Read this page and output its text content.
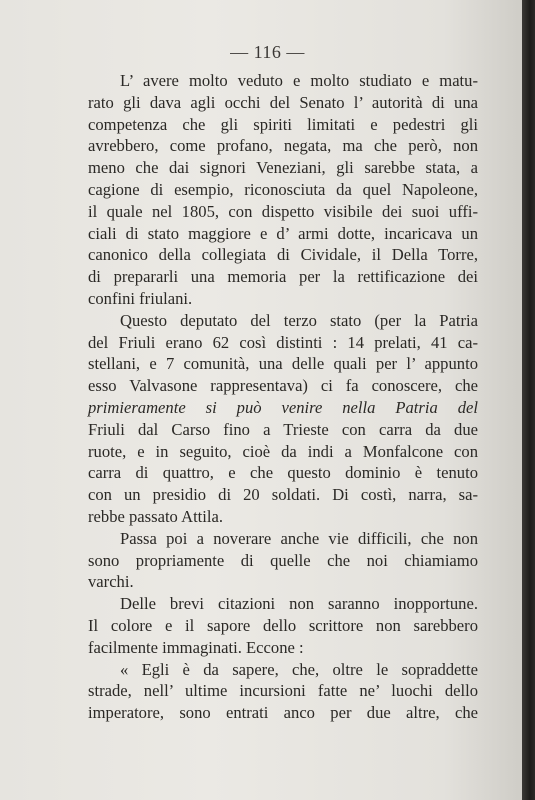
— 116 —
L’ avere molto veduto e molto studiato e matu-
rato gli dava agli occhi del Senato l’ autorità di una
competenza che gli spiriti limitati e pedestri gli
avrebbero, come profano, negata, ma che però, non
meno che dai signori Veneziani, gli sarebbe stata, a
cagione di esempio, riconosciuta da quel Napoleone,
il quale nel 1805, con dispetto visibile dei suoi uffi-
ciali di stato maggiore e d’ armi dotte, incaricava un
canonico della collegiata di Cividale, il Della Torre,
di prepararli una memoria per la rettificazione dei
confini friulani.
Questo deputato del terzo stato (per la Patria
del Friuli erano 62 così distinti : 14 prelati, 41 ca-
stellani, e 7 comunità, una delle quali per l’ appunto
esso Valvasone rappresentava) ci fa conoscere, che
primieramente si può venire nella Patria del
Friuli dal Carso fino a Trieste con carra da due
ruote, e in seguito, cioè da indi a Monfalcone con
carra di quattro, e che questo dominio è tenuto
con un presidio di 20 soldati. Di costì, narra, sa-
rebbe passato Attila.
Passa poi a noverare anche vie difficili, che non
sono propriamente di quelle che noi chiamiamo
varchi.
Delle brevi citazioni non saranno inopportune.
Il colore e il sapore dello scrittore non sarebbero
facilmente immaginati. Eccone :
« Egli è da sapere, che, oltre le sopraddette
strade, nell’ ultime incursioni fatte ne’ luochi dello
imperatore, sono entrati anco per due altre, che
